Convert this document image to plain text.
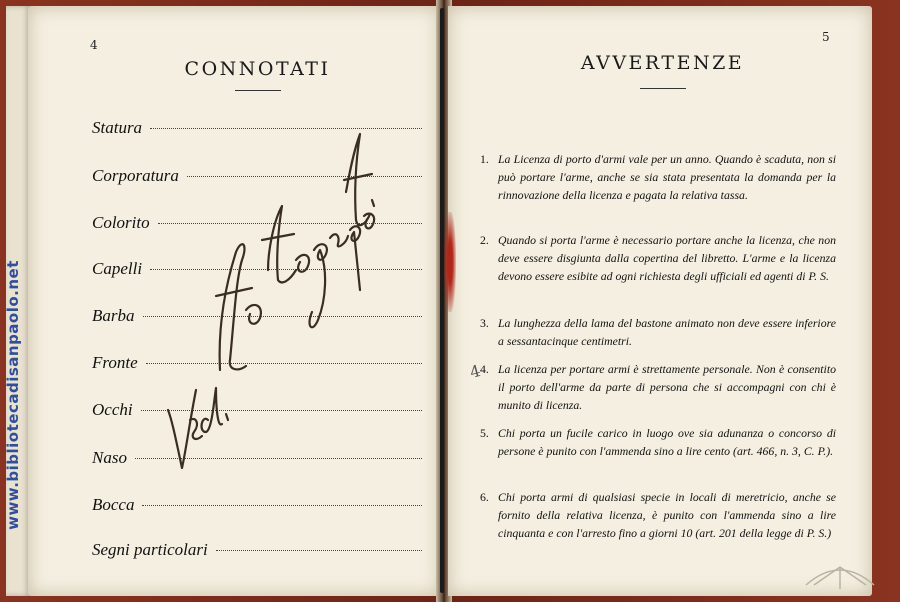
www.bibliotecadisanpaolo.net
4
CONNOTATI
Statura
Corporatura
Colorito
Capelli
Barba
Fronte
Occhi
Naso
Bocca
Segni particolari
5
AVVERTENZE
4
1. La Licenza di porto d'armi vale per un anno. Quando è scaduta, non si può portare l'arme, anche se sia stata presentata la domanda per la rinnovazione della licenza e pagata la relativa tassa.
2. Quando si porta l'arme è necessario portare anche la licenza, che non deve essere disgiunta dalla copertina del libretto. L'arme e la licenza devono essere esibite ad ogni richiesta degli ufficiali ed agenti di P. S.
3. La lunghezza della lama del bastone animato non deve essere inferiore a sessantacinque centimetri.
4. La licenza per portare armi è strettamente personale. Non è consentito il porto dell'arme da parte di persona che si accompagni con chi è munito di licenza.
5. Chi porta un fucile carico in luogo ove sia adunanza o concorso di persone è punito con l'ammenda sino a lire cento (art. 466, n. 3, C. P.).
6. Chi porta armi di qualsiasi specie in locali di meretricio, anche se fornito della relativa licenza, è punito con l'ammenda sino a lire cinquanta e con l'arresto fino a giorni 10 (art. 201 della legge di P. S.)
